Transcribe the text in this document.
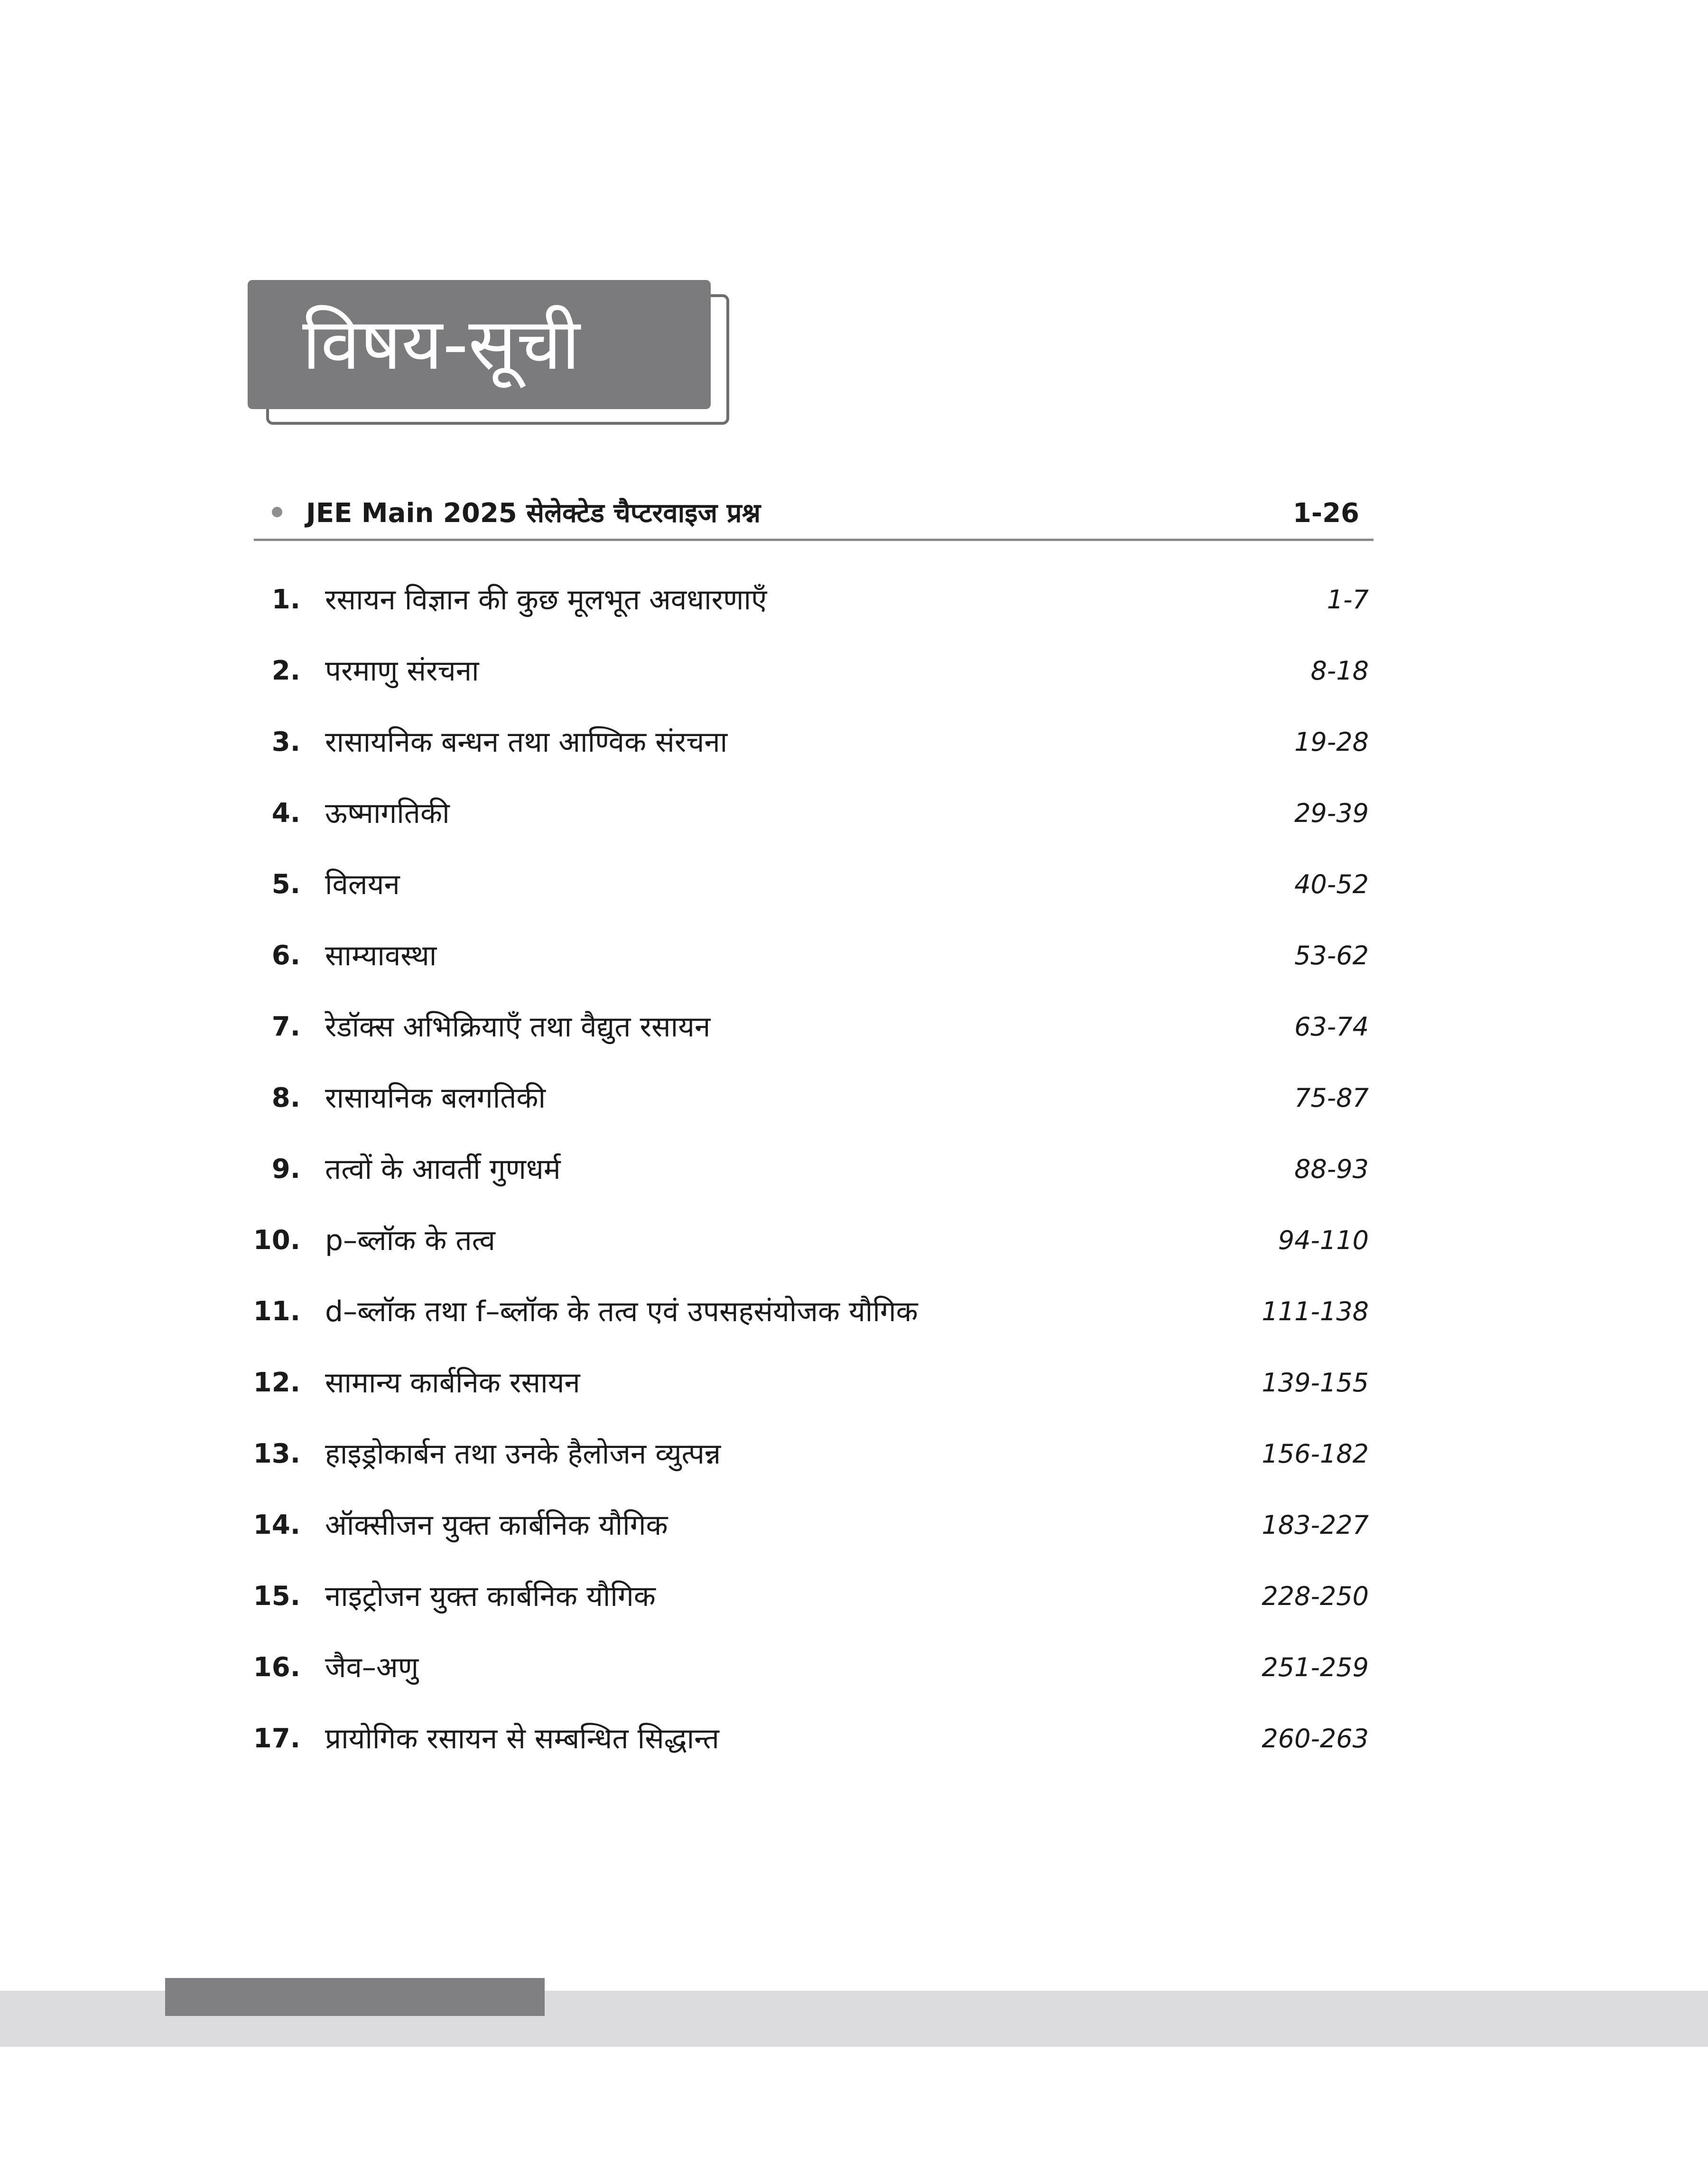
विषय-सूची
JEE Main 2025 सेलेक्टेड चैप्टरवाइज प्रश्न	1-26
1. रसायन विज्ञान की कुछ मूलभूत अवधारणाएँ	1-7
2. परमाणु संरचना	8-18
3. रासायनिक बन्धन तथा आण्विक संरचना	19-28
4. ऊष्मागतिकी	29-39
5. विलयन	40-52
6. साम्यावस्था	53-62
7. रेडॉक्स अभिक्रियाएँ तथा वैद्युत रसायन	63-74
8. रासायनिक बलगतिकी	75-87
9. तत्वों के आवर्ती गुणधर्म	88-93
10. p–ब्लॉक के तत्व	94-110
11. d–ब्लॉक तथा f–ब्लॉक के तत्व एवं उपसहसंयोजक यौगिक	111-138
12. सामान्य कार्बनिक रसायन	139-155
13. हाइड्रोकार्बन तथा उनके हैलोजन व्युत्पन्न	156-182
14. ऑक्सीजन युक्त कार्बनिक यौगिक	183-227
15. नाइट्रोजन युक्त कार्बनिक यौगिक	228-250
16. जैव–अणु	251-259
17. प्रायोगिक रसायन से सम्बन्धित सिद्धान्त	260-263
